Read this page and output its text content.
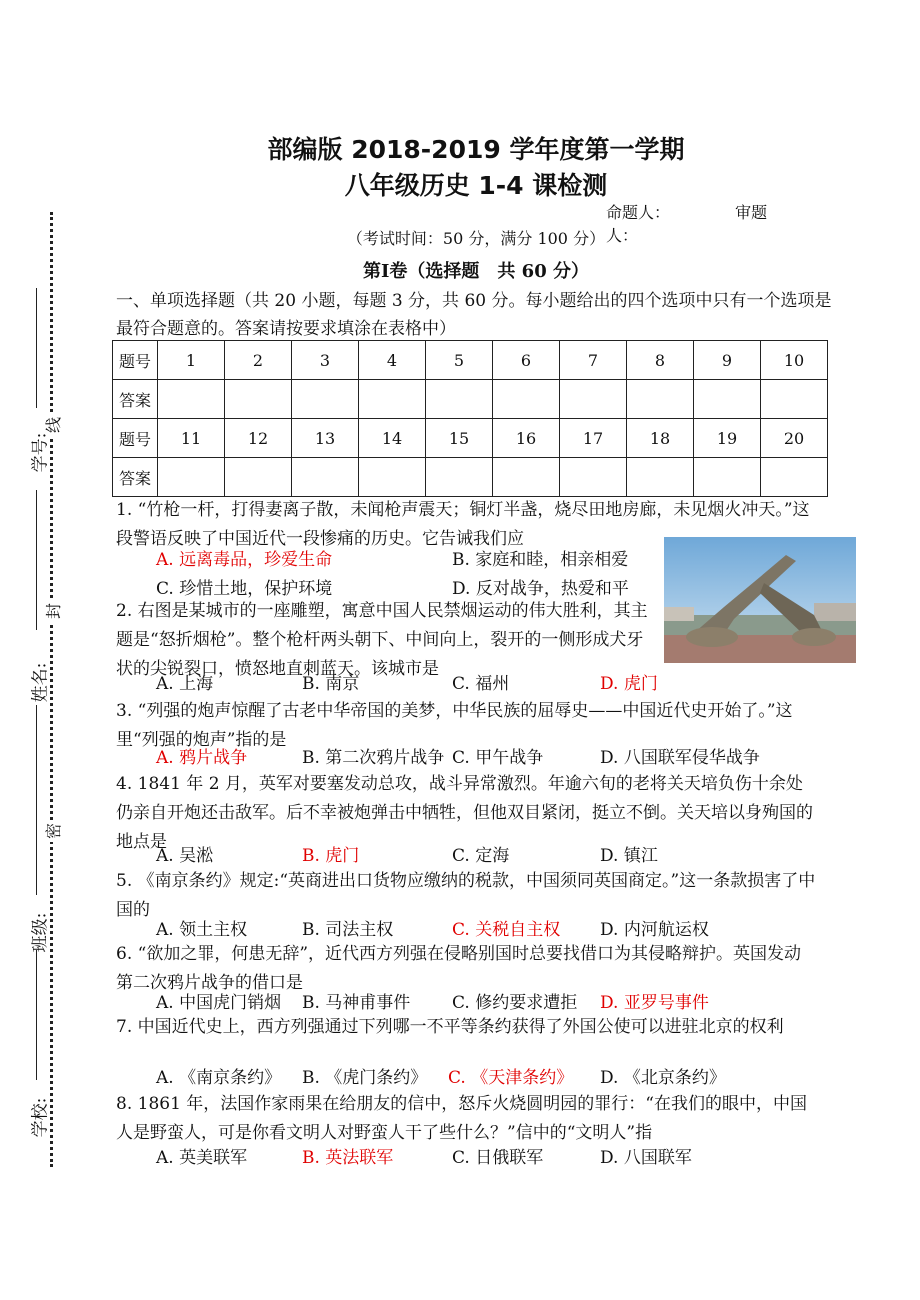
线
封
密
学号:
姓名:
班级:
学校:
部编版 2018-2019 学年度第一学期
八年级历史 1-4 课检测
命题人：	审题人：
（考试时间：50 分，满分 100 分）
第Ⅰ卷（选择题　共 60 分）
一、单项选择题（共 20 小题，每题 3 分，共 60 分。每小题给出的四个选项中只有一个选项是最符合题意的。答案请按要求填涂在表格中）
题号	1	2	3	4	5	6	7	8	9	10
答案										
题号	11	12	13	14	15	16	17	18	19	20
答案										
1. “竹枪一杆，打得妻离子散，未闻枪声震天；铜灯半盏，烧尽田地房廊，未见烟火冲天。”这段警语反映了中国近代一段惨痛的历史。它告诫我们应
A. 远离毒品，珍爱生命	B. 家庭和睦，相亲相爱
C. 珍惜土地，保护环境	D. 反对战争，热爱和平
2. 右图是某城市的一座雕塑，寓意中国人民禁烟运动的伟大胜利，其主题是“怒折烟枪”。整个枪杆两头朝下、中间向上，裂开的一侧形成犬牙状的尖锐裂口，愤怒地直刺蓝天。该城市是
A. 上海	B. 南京	C. 福州	D. 虎门
3. “列强的炮声惊醒了古老中华帝国的美梦，中华民族的屈辱史——中国近代史开始了。”这里“列强的炮声”指的是
A. 鸦片战争	B. 第二次鸦片战争 C. 甲午战争	D. 八国联军侵华战争
4. 1841 年 2 月，英军对要塞发动总攻，战斗异常激烈。年逾六旬的老将关天培负伤十余处仍亲自开炮还击敌军。后不幸被炮弹击中牺牲，但他双目紧闭，挺立不倒。关天培以身殉国的地点是
A. 吴淞	B. 虎门	C. 定海	D. 镇江
5. 《南京条约》规定:“英商进出口货物应缴纳的税款，中国须同英国商定。”这一条款损害了中国的
A. 领土主权	B. 司法主权	C. 关税自主权 D. 内河航运权
6. “欲加之罪，何患无辞”，近代西方列强在侵略别国时总要找借口为其侵略辩护。英国发动第二次鸦片战争的借口是
A. 中国虎门销烟 B. 马神甫事件 C. 修约要求遭拒 D. 亚罗号事件
7. 中国近代史上，西方列强通过下列哪一不平等条约获得了外国公使可以进驻北京的权利
A. 《南京条约》 B. 《虎门条约》 C. 《天津条约》 D. 《北京条约》
8. 1861 年，法国作家雨果在给朋友的信中，怒斥火烧圆明园的罪行：“在我们的眼中，中国人是野蛮人，可是你看文明人对野蛮人干了些什么？”信中的“文明人”指
A. 英美联军	B. 英法联军	C. 日俄联军	D. 八国联军
